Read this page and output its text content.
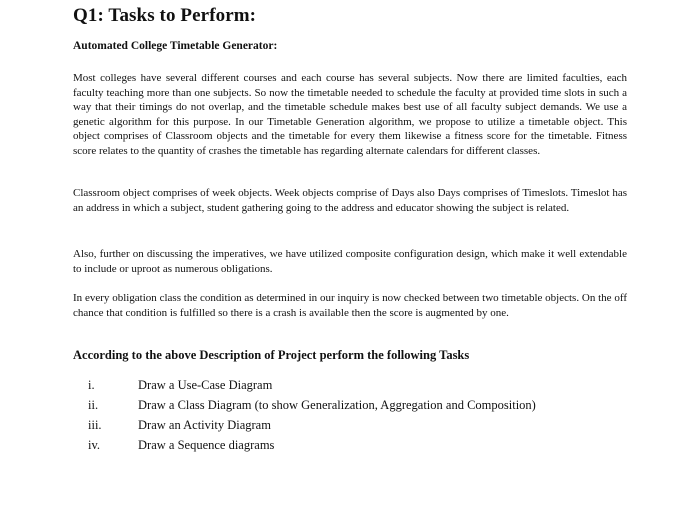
Q1: Tasks to Perform:
Automated College Timetable Generator:

Most colleges have several different courses and each course has several subjects. Now there are limited faculties, each faculty teaching more than one subjects. So now the timetable needed to schedule the faculty at provided time slots in such a way that their timings do not overlap, and the timetable schedule makes best use of all faculty subject demands. We use a genetic algorithm for this purpose. In our Timetable Generation algorithm, we propose to utilize a timetable object. This object comprises of Classroom objects and the timetable for every them likewise a fitness score for the timetable. Fitness score relates to the quantity of crashes the timetable has regarding alternate calendars for different classes.

Classroom object comprises of week objects. Week objects comprise of Days also Days comprises of Timeslots. Timeslot has an address in which a subject, student gathering going to the address and educator showing the subject is related.

Also, further on discussing the imperatives, we have utilized composite configuration design, which make it well extendable to include or uproot as numerous obligations.

In every obligation class the condition as determined in our inquiry is now checked between two timetable objects. On the off chance that condition is fulfilled so there is a crash is available then the score is augmented by one.

According to the above Description of Project perform the following Tasks
i.	Draw a Use-Case Diagram
ii.	Draw a Class Diagram (to show Generalization, Aggregation and Composition)
iii.	Draw an Activity Diagram
iv.	Draw a Sequence diagrams
